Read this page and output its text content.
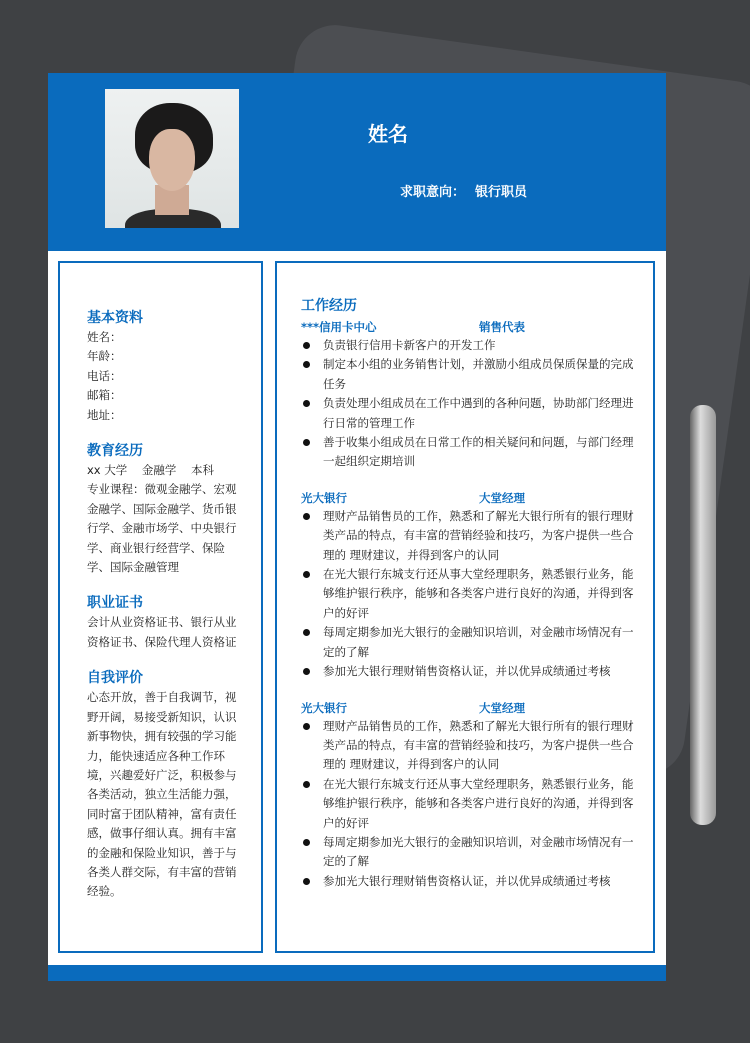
姓名
求职意向： 银行职员
基本资料
姓名：
年龄：
电话：
邮箱：
地址：
教育经历
xx 大学    金融学    本科
专业课程：微观金融学、宏观金融学、国际金融学、货币银行学、金融市场学、中央银行学、商业银行经营学、保险学、国际金融管理
职业证书
会计从业资格证书、银行从业资格证书、保险代理人资格证
自我评价
心态开放，善于自我调节，视野开阔，易接受新知识，认识新事物快，拥有较强的学习能力，能快速适应各种工作环境，兴趣爱好广泛，积极参与各类活动，独立生活能力强，同时富于团队精神，富有责任感，做事仔细认真。拥有丰富的金融和保险业知识，善于与各类人群交际，有丰富的营销经验。
工作经历
***信用卡中心	销售代表
负责银行信用卡新客户的开发工作
制定本小组的业务销售计划，并激励小组成员保质保量的完成任务
负责处理小组成员在工作中遇到的各种问题，协助部门经理进行日常的管理工作
善于收集小组成员在日常工作的相关疑问和问题，与部门经理一起组织定期培训
光大银行	大堂经理
理财产品销售员的工作，熟悉和了解光大银行所有的银行理财类产品的特点，有丰富的营销经验和技巧，为客户提供一些合理的 理财建议，并得到客户的认同
在光大银行东城支行还从事大堂经理职务，熟悉银行业务，能够维护银行秩序，能够和各类客户进行良好的沟通，并得到客户的好评
每周定期参加光大银行的金融知识培训，对金融市场情况有一定的了解
参加光大银行理财销售资格认证，并以优异成绩通过考核
光大银行	大堂经理
理财产品销售员的工作，熟悉和了解光大银行所有的银行理财类产品的特点，有丰富的营销经验和技巧，为客户提供一些合理的 理财建议，并得到客户的认同
在光大银行东城支行还从事大堂经理职务，熟悉银行业务，能够维护银行秩序，能够和各类客户进行良好的沟通，并得到客户的好评
每周定期参加光大银行的金融知识培训，对金融市场情况有一定的了解
参加光大银行理财销售资格认证，并以优异成绩通过考核
